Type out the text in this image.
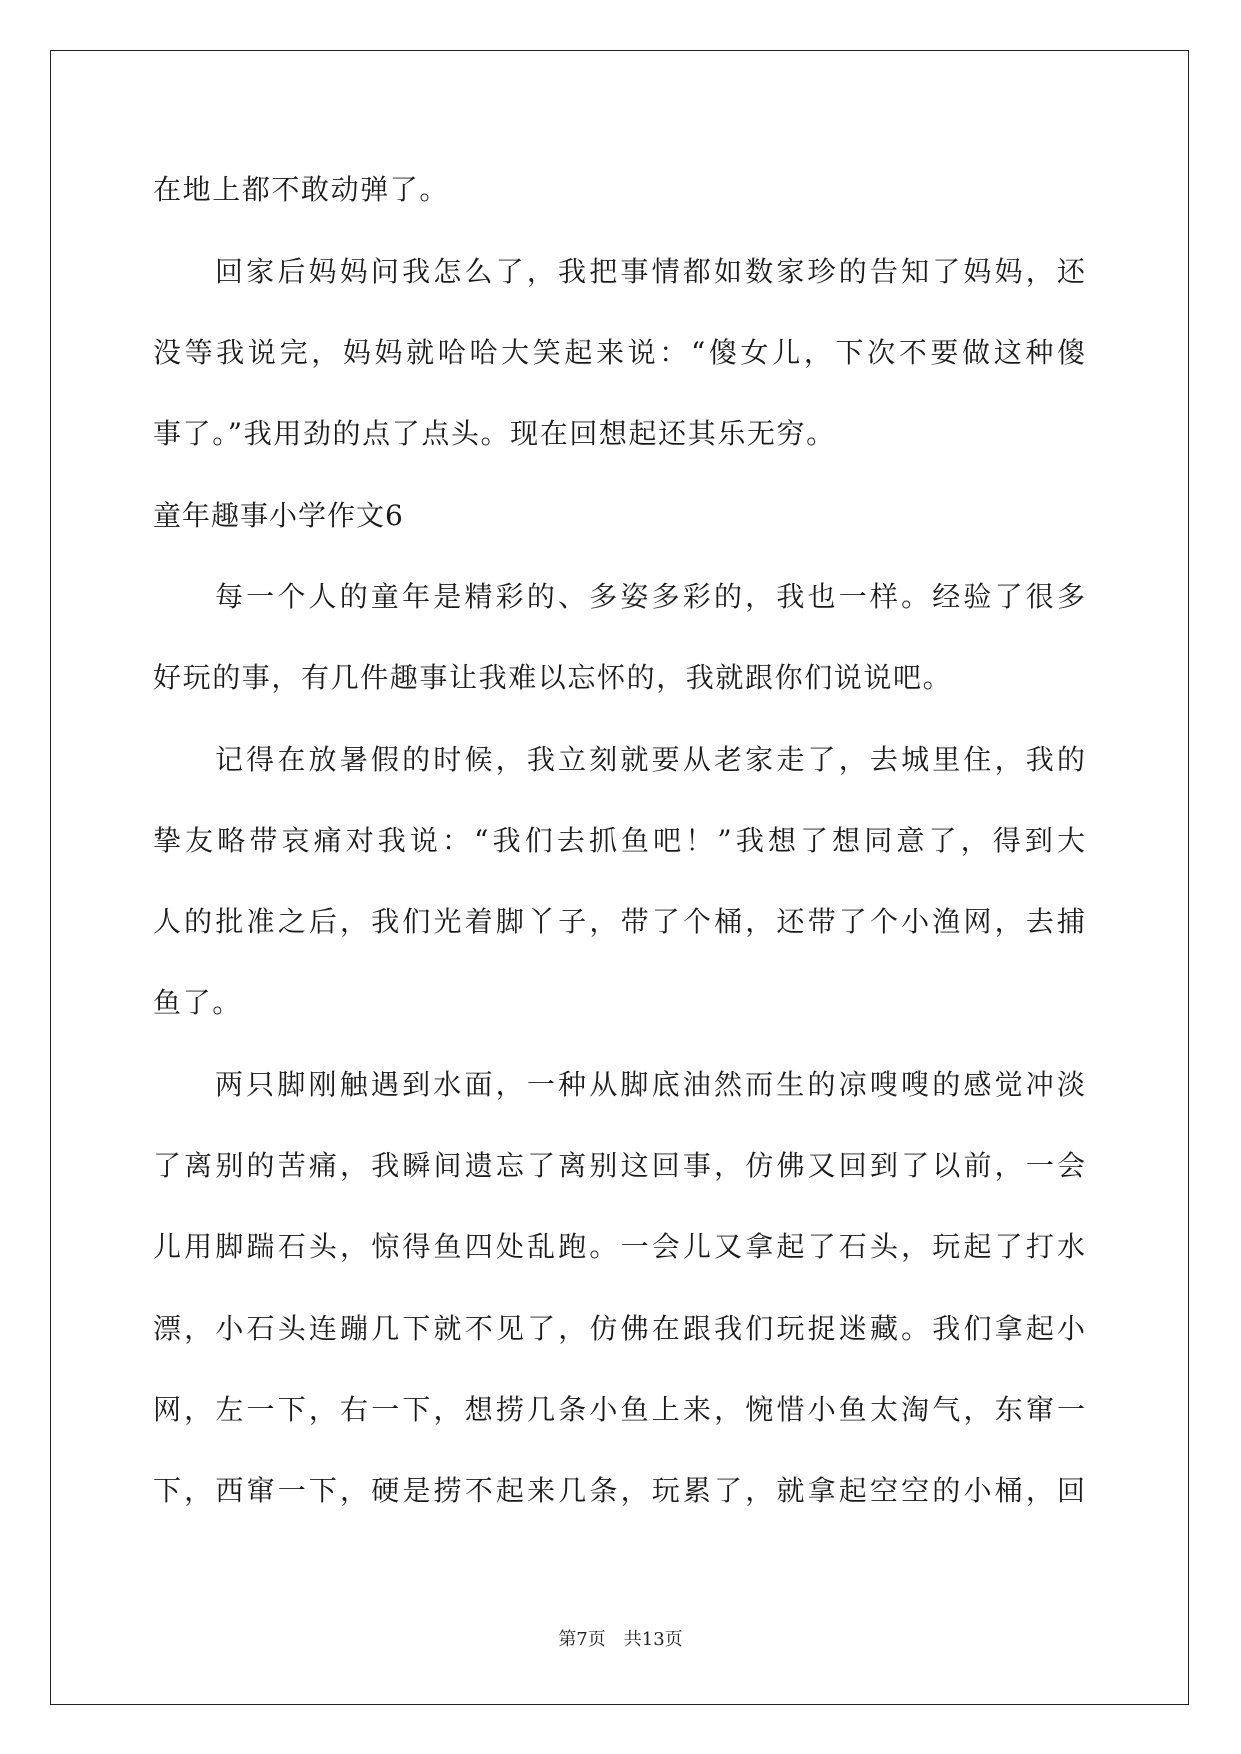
在地上都不敢动弹了。
回家后妈妈问我怎么了，我把事情都如数家珍的告知了妈妈，还
没等我说完，妈妈就哈哈大笑起来说：“傻女儿，下次不要做这种傻
事了。”我用劲的点了点头。现在回想起还其乐无穷。
童年趣事小学作文6
每一个人的童年是精彩的、多姿多彩的，我也一样。经验了很多
好玩的事，有几件趣事让我难以忘怀的，我就跟你们说说吧。
记得在放暑假的时候，我立刻就要从老家走了，去城里住，我的
挚友略带哀痛对我说：“我们去抓鱼吧！”我想了想同意了，得到大
人的批准之后，我们光着脚丫子，带了个桶，还带了个小渔网，去捕
鱼了。
两只脚刚触遇到水面，一种从脚底油然而生的凉嗖嗖的感觉冲淡
了离别的苦痛，我瞬间遗忘了离别这回事，仿佛又回到了以前，一会
儿用脚踹石头，惊得鱼四处乱跑。一会儿又拿起了石头，玩起了打水
漂，小石头连蹦几下就不见了，仿佛在跟我们玩捉迷藏。我们拿起小
网，左一下，右一下，想捞几条小鱼上来，惋惜小鱼太淘气，东窜一
下，西窜一下，硬是捞不起来几条，玩累了，就拿起空空的小桶，回
第7页　共13页
